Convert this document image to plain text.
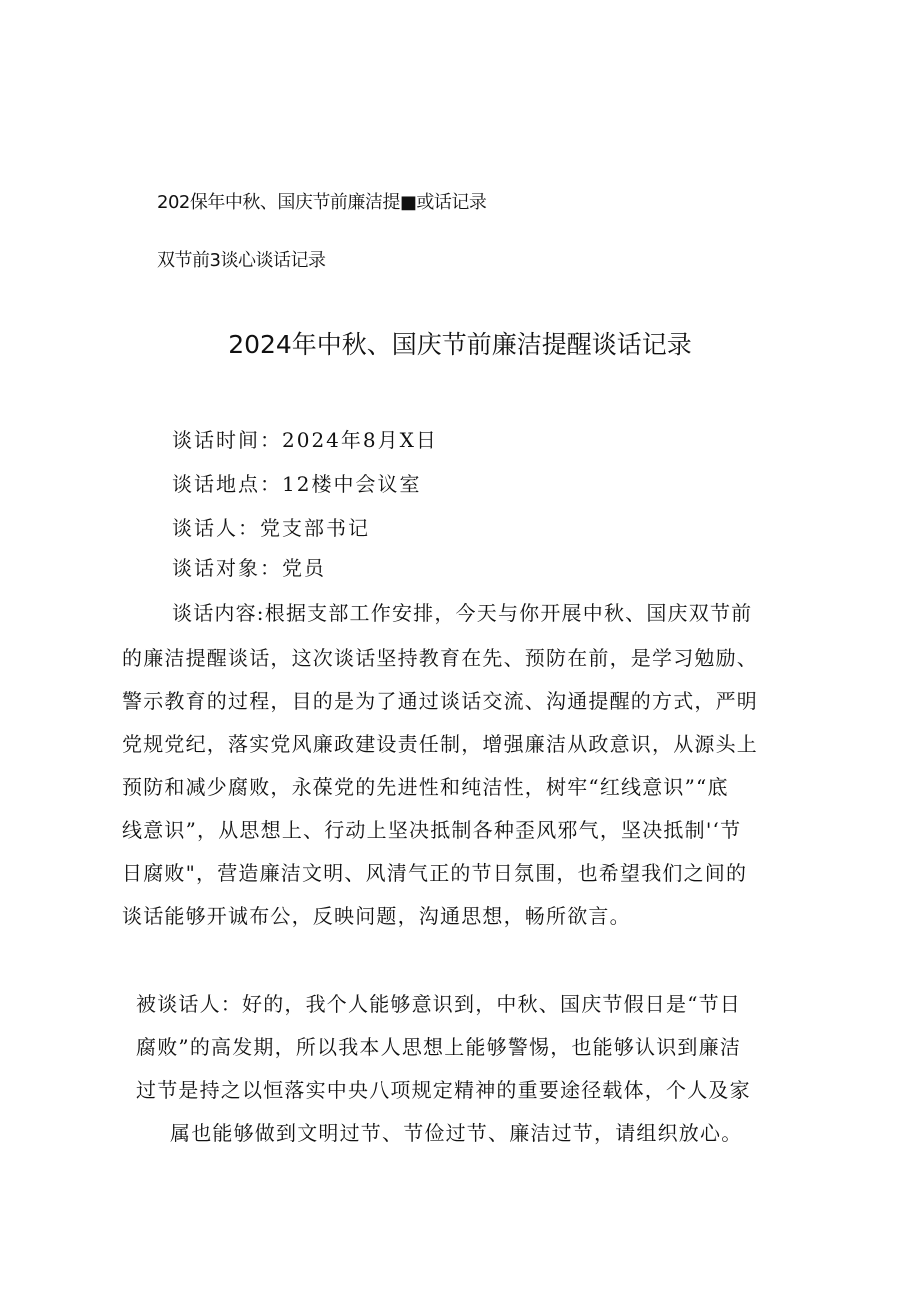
202保年中秋、国庆节前廉洁提■或话记录
双节前3谈心谈话记录
2024年中秋、国庆节前廉洁提醒谈话记录
谈话时间：2024年8月X日
谈话地点：12楼中会议室
谈话人：党支部书记
谈话对象：党员
谈话内容:根据支部工作安排，今天与你开展中秋、国庆双节前
的廉洁提醒谈话，这次谈话坚持教育在先、预防在前，是学习勉励、
警示教育的过程，目的是为了通过谈话交流、沟通提醒的方式，严明
党规党纪，落实党风廉政建设责任制，增强廉洁从政意识，从源头上
预防和减少腐败，永葆党的先进性和纯洁性，树牢“红线意识”“底
线意识”，从思想上、行动上坚决抵制各种歪风邪气，坚决抵制'‘节
日腐败"，营造廉洁文明、风清气正的节日氛围，也希望我们之间的
谈话能够开诚布公，反映问题，沟通思想，畅所欲言。
被谈话人：好的，我个人能够意识到，中秋、国庆节假日是“节日
腐败”的高发期，所以我本人思想上能够警惕，也能够认识到廉洁
过节是持之以恒落实中央八项规定精神的重要途径载体，个人及家
属也能够做到文明过节、节俭过节、廉洁过节，请组织放心。
